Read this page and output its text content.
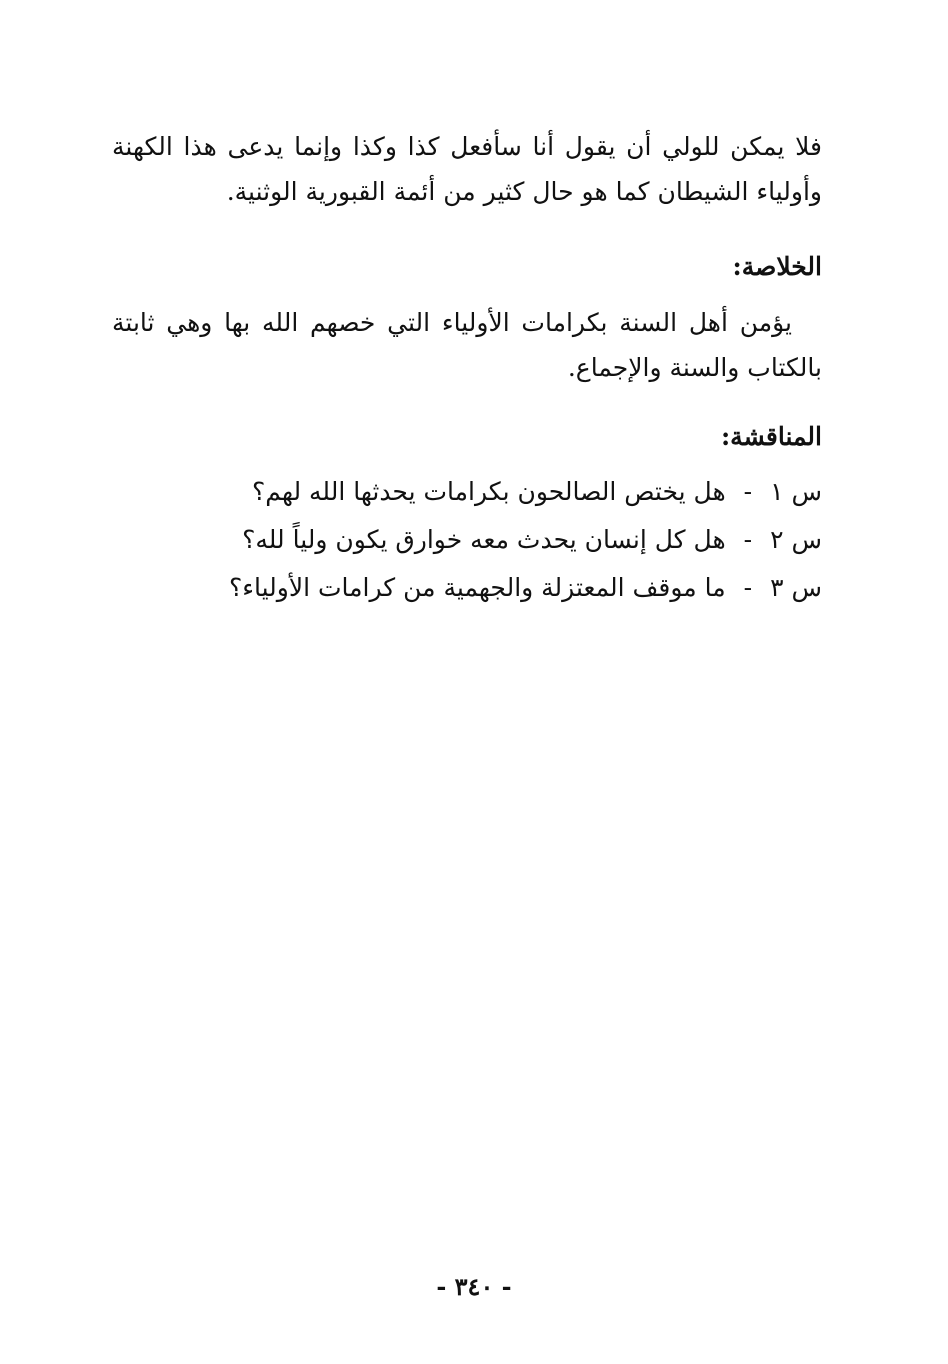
فلا يمكن للولي أن يقول أنا سأفعل كذا وكذا وإنما يدعى هذا الكهنة وأولياء الشيطان كما هو حال كثير من أئمة القبورية الوثنية.
الخلاصة:
يؤمن أهل السنة بكرامات الأولياء التي خصهم الله بها وهي ثابتة بالكتاب والسنة والإجماع.
المناقشة:
س ١
-
هل يختص الصالحون بكرامات يحدثها الله لهم؟
س ٢
-
هل كل إنسان يحدث معه خوارق يكون ولياً لله؟
س ٣
-
ما موقف المعتزلة والجهمية من كرامات الأولياء؟
- ٣٤٠ -
